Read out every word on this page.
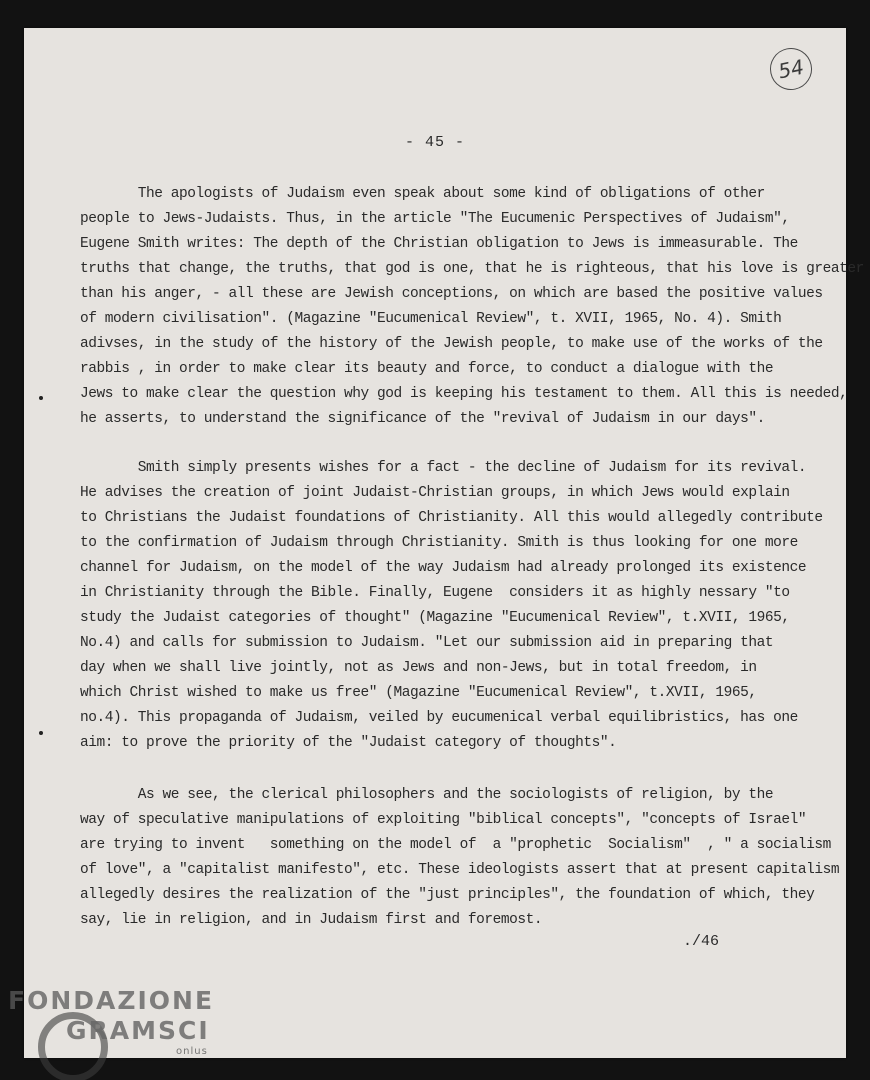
54
- 45 -
The apologists of Judaism even speak about some kind of obligations of other
people to Jews-Judaists. Thus, in the article "The Eucumenic Perspectives of Judaism",
Eugene Smith writes: The depth of the Christian obligation to Jews is immeasurable. The
truths that change, the truths, that god is one, that he is righteous, that his love is greater
than his anger, - all these are Jewish conceptions, on which are based the positive values
of modern civilisation". (Magazine "Eucumenical Review", t. XVII, 1965, No. 4). Smith
adivses, in the study of the history of the Jewish people, to make use of the works of the
rabbis , in order to make clear its beauty and force, to conduct a dialogue with the
Jews to make clear the question why god is keeping his testament to them. All this is needed,
he asserts, to understand the significance of the "revival of Judaism in our days".
Smith simply presents wishes for a fact - the decline of Judaism for its revival.
He advises the creation of joint Judaist-Christian groups, in which Jews would explain
to Christians the Judaist foundations of Christianity. All this would allegedly contribute
to the confirmation of Judaism through Christianity. Smith is thus looking for one more
channel for Judaism, on the model of the way Judaism had already prolonged its existence
in Christianity through the Bible. Finally, Eugene  considers it as highly nessary "to
study the Judaist categories of thought" (Magazine "Eucumenical Review", t.XVII, 1965,
No.4) and calls for submission to Judaism. "Let our submission aid in preparing that
day when we shall live jointly, not as Jews and non-Jews, but in total freedom, in
which Christ wished to make us free" (Magazine "Eucumenical Review", t.XVII, 1965,
no.4). This propaganda of Judaism, veiled by eucumenical verbal equilibristics, has one
aim: to prove the priority of the "Judaist category of thoughts".
As we see, the clerical philosophers and the sociologists of religion, by the
way of speculative manipulations of exploiting "biblical concepts", "concepts of Israel"
are trying to invent   something on the model of  a "prophetic  Socialism"  , " a socialism
of love", a "capitalist manifesto", etc. These ideologists assert that at present capitalism
allegedly desires the realization of the "just principles", the foundation of which, they
say, lie in religion, and in Judaism first and foremost.
./46
FONDAZIONE
GRAMSCI
onlus
